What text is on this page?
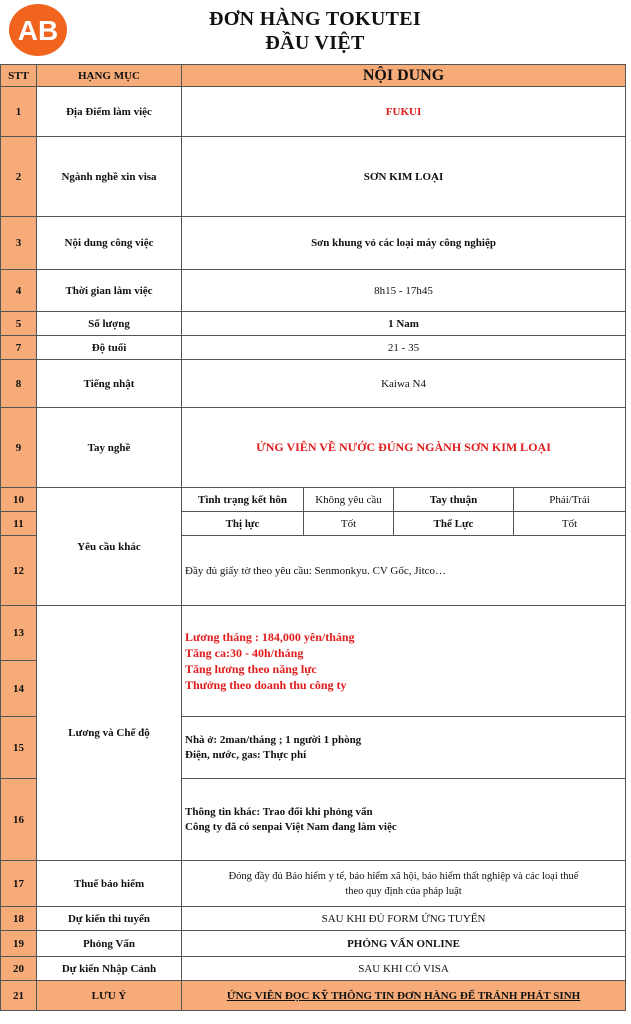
AB	ĐƠN HÀNG TOKUTEI
ĐẦU VIỆT
STT	HẠNG MỤC	NỘI DUNG			
1	Địa Điểm làm việc	FUKUI			
2	Ngành nghề xin visa	SƠN KIM LOẠI			
3	Nội dung công việc	Sơn khung vỏ các loại máy công nghiệp			
4	Thời gian làm việc	8h15 - 17h45			
5	Số lượng	1 Nam			
7	Độ tuổi	21 - 35			
8	Tiếng nhật	Kaiwa N4			
9	Tay nghề	ỨNG VIÊN VỀ NƯỚC ĐÚNG NGÀNH SƠN KIM LOẠI			
10	Yêu cầu khác	Tình trạng kết hôn	Không yêu cầu	Tay thuận	Phải/Trái
11		Thị lực	Tốt	Thể Lực	Tốt
12		Đầy đủ giấy tờ theo yêu cầu: Senmonkyu. CV Gốc, Jitco…			
13	Lương và Chế độ	Lương tháng : 184,000 yên/tháng
Tăng ca:30 - 40h/tháng
Tăng lương theo năng lực
Thưởng theo doanh thu công ty			

14					
15		Nhà ở: 2man/tháng ; 1 người 1 phòng
Điện, nước, gas: Thực phí			

16		Thông tin khác: Trao đổi khi phỏng vấn
Công ty đã có senpai Việt Nam đang làm việc			

17	Thuế bảo hiểm	Đóng đầy đủ Bảo hiểm y tế, bảo hiểm xã hội, bảo hiểm thất nghiệp và các loại thuế
theo quy định của pháp luật			

18	Dự kiến thi tuyển	SAU KHI ĐỦ FORM ỨNG TUYỂN			
19	Phỏng Vấn	PHỎNG VẤN ONLINE			
20	Dự kiến Nhập Cảnh	SAU KHI CÓ VISA			
21	LƯU Ý	ỨNG VIÊN ĐỌC KỸ THÔNG TIN ĐƠN HÀNG ĐỂ TRÁNH PHÁT SINH			
